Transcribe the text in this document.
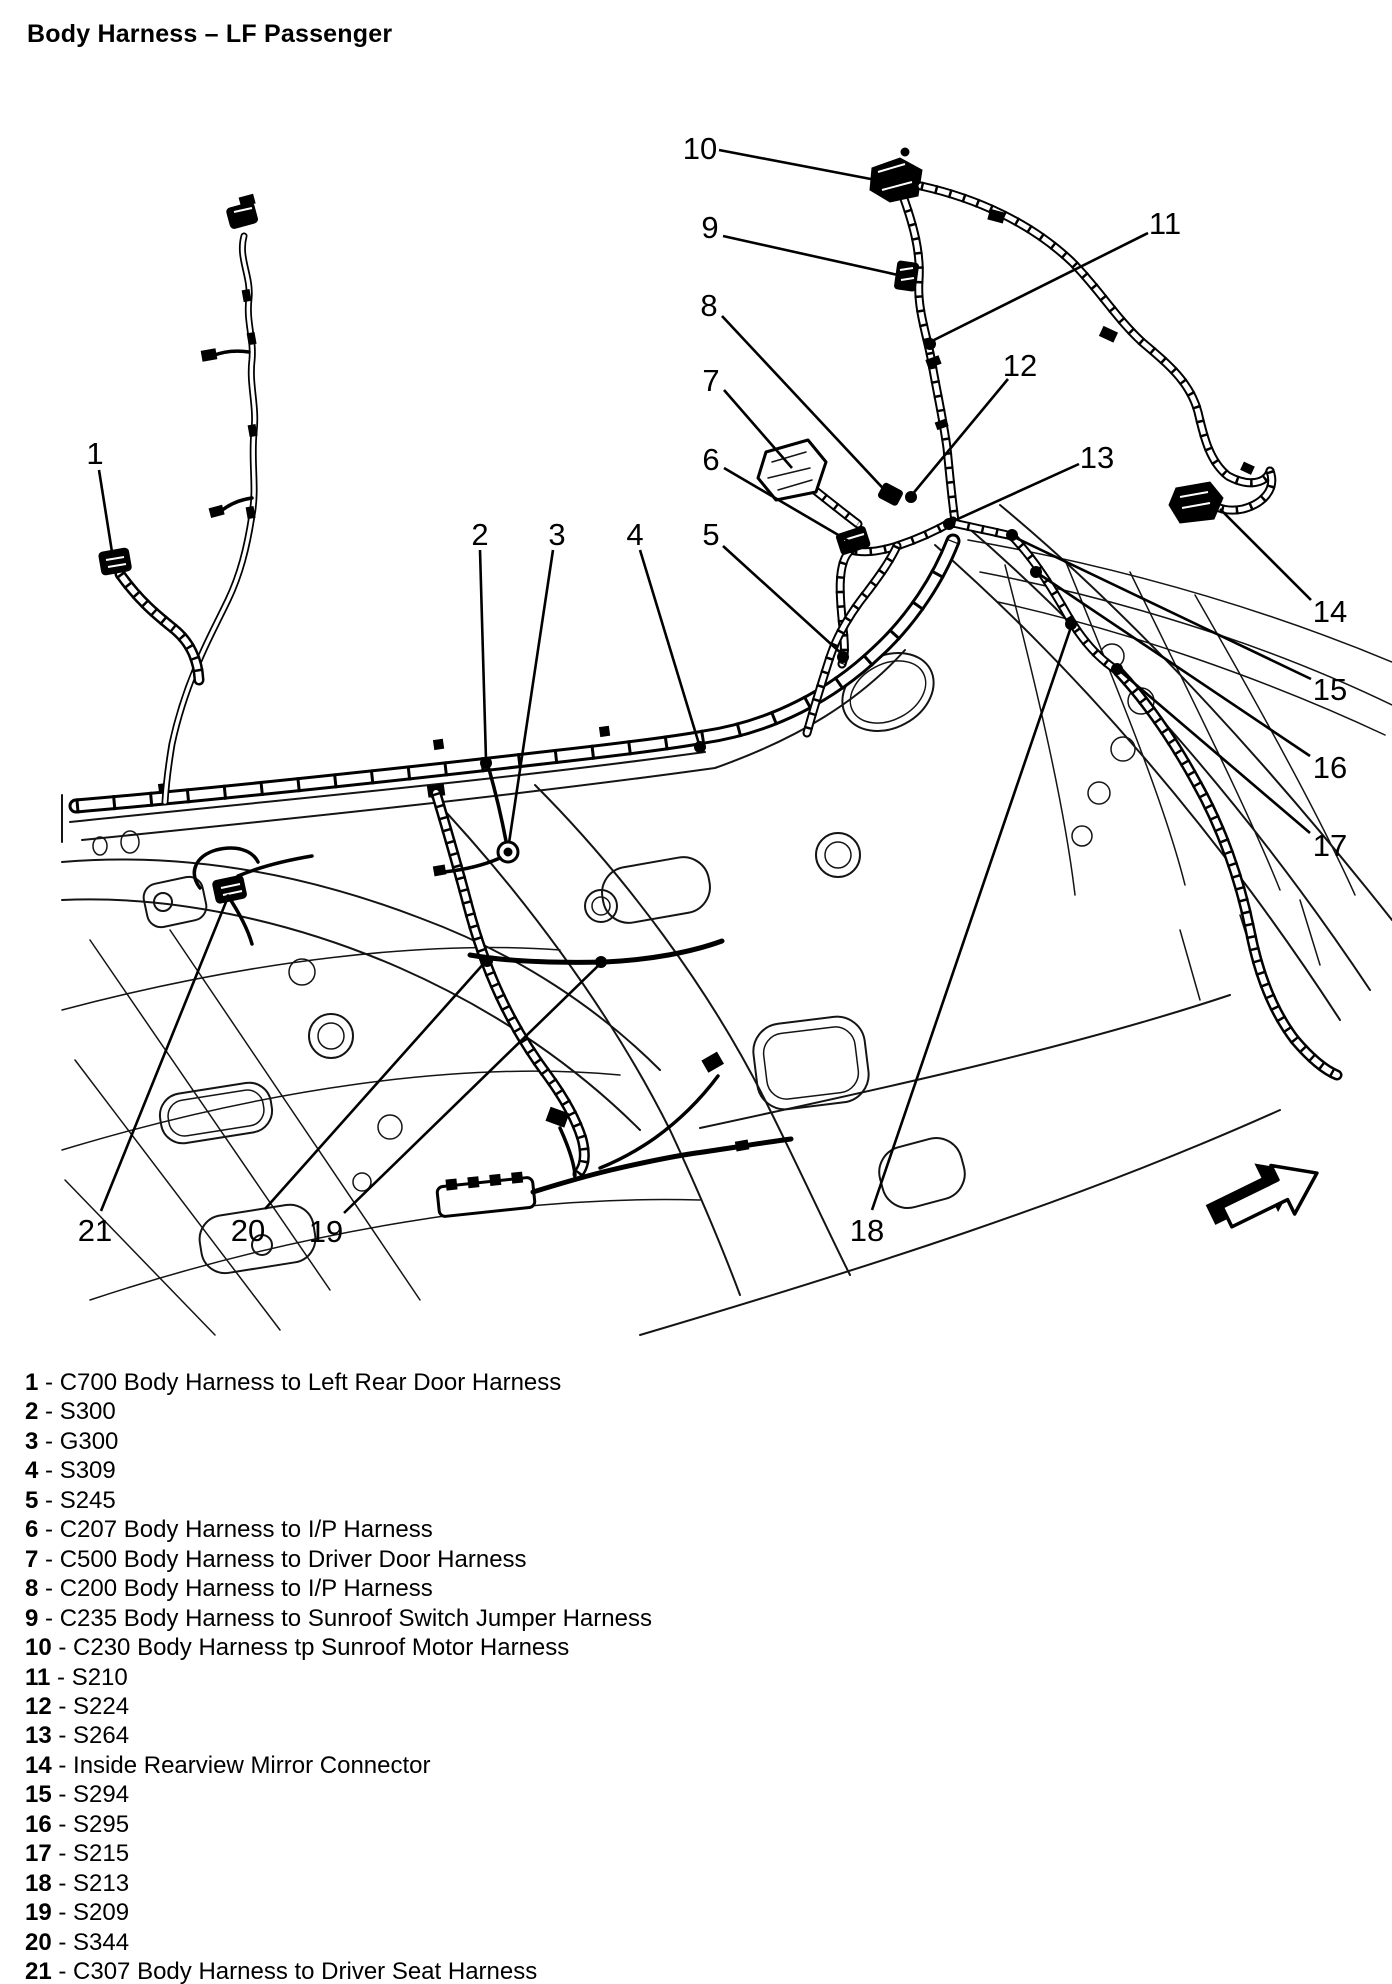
Body Harness – LF Passenger
1
2 3 4 5
6
7
8
9
10
11
12
13
14
15
16
17
18
19
20
21
1 - C700 Body Harness to Left Rear Door Harness
2 - S300
3 - G300
4 - S309
5 - S245
6 - C207 Body Harness to I/P Harness
7 - C500 Body Harness to Driver Door Harness
8 - C200 Body Harness to I/P Harness
9 - C235 Body Harness to Sunroof Switch Jumper Harness
10 - C230 Body Harness tp Sunroof Motor Harness
11 - S210
12 - S224
13 - S264
14 - Inside Rearview Mirror Connector
15 - S294
16 - S295
17 - S215
18 - S213
19 - S209
20 - S344
21 - C307 Body Harness to Driver Seat Harness
